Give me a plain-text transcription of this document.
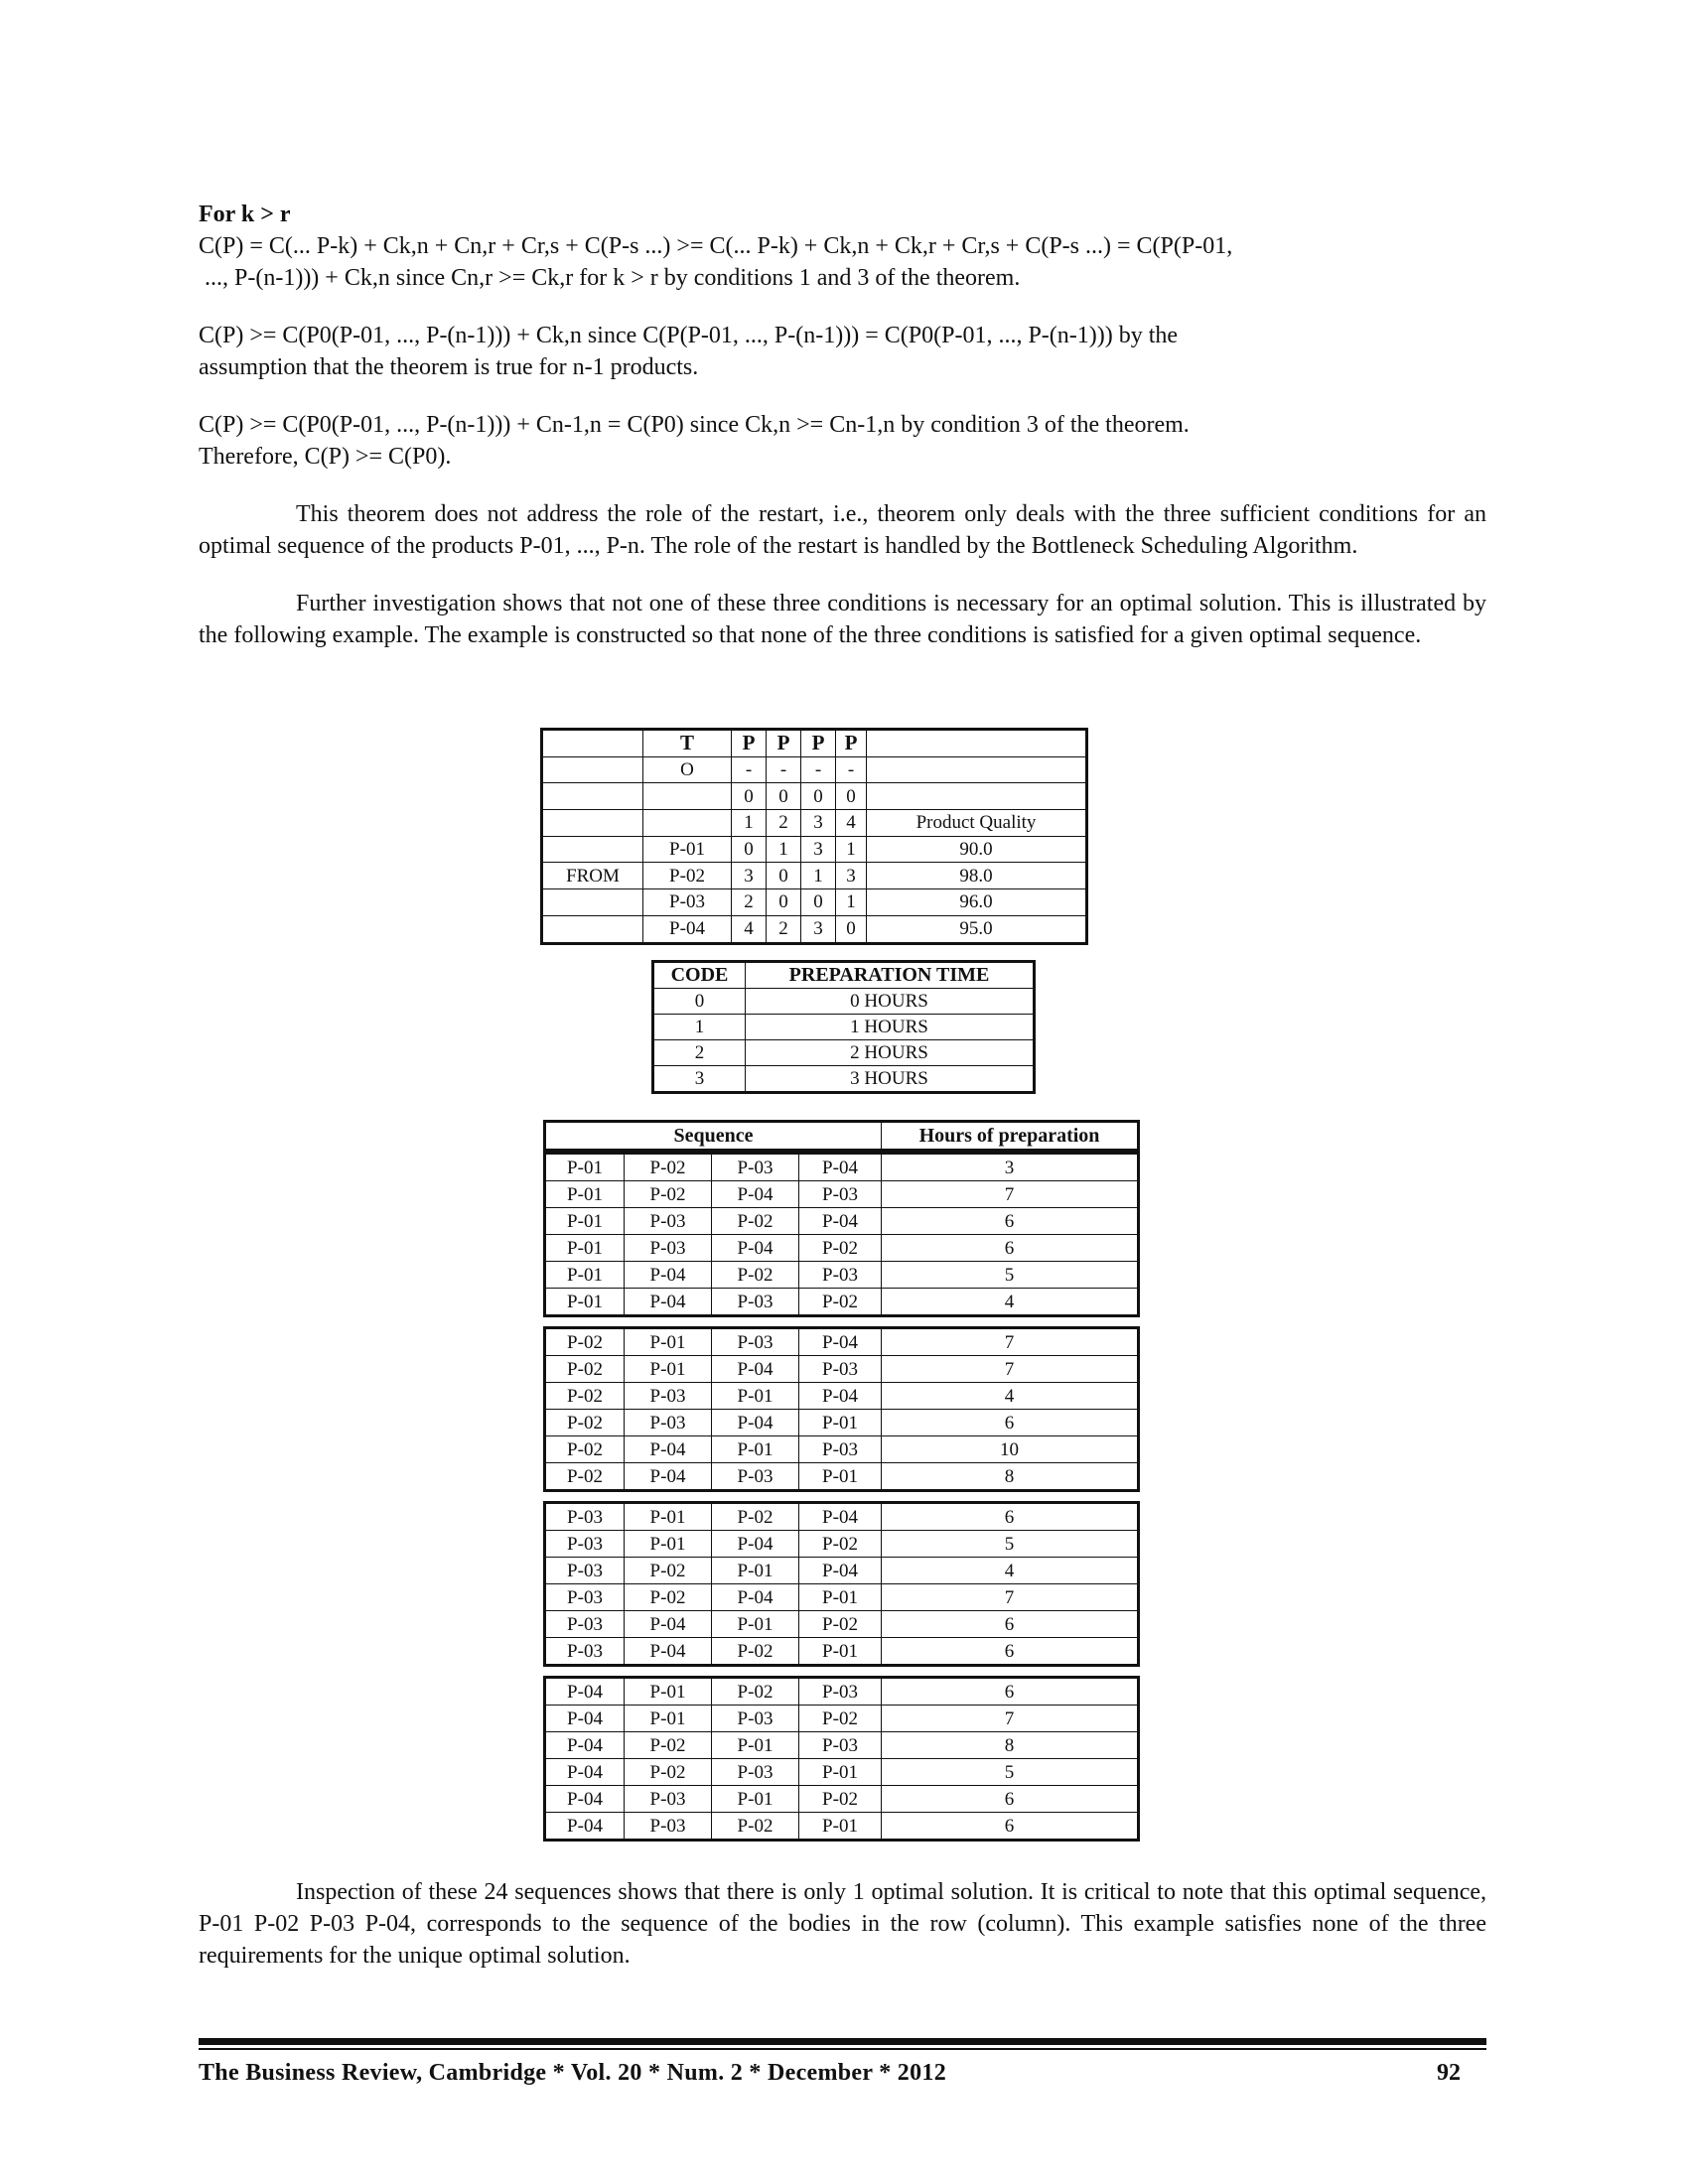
For k > r

C(P) = C(... P-k) + Ck,n + Cn,r + Cr,s + C(P-s ...) >= C(... P-k) + Ck,n + Ck,r + Cr,s + C(P-s ...) = C(P(P-01,
..., P-(n-1))) + Ck,n since Cn,r >= Ck,r for k > r by conditions 1 and 3 of the theorem.

C(P) >= C(P0(P-01, ..., P-(n-1))) + Ck,n since C(P(P-01, ..., P-(n-1))) = C(P0(P-01, ..., P-(n-1))) by the
assumption that the theorem is true for n-1 products.

C(P) >= C(P0(P-01, ..., P-(n-1))) + Cn-1,n = C(P0) since Ck,n >= Cn-1,n by condition 3 of the theorem.
Therefore, C(P) >= C(P0).

This theorem does not address the role of the restart, i.e., theorem only deals with the three sufficient conditions for an optimal sequence of the products P-01, ..., P-n. The role of the restart is handled by the Bottleneck Scheduling Algorithm.

Further investigation shows that not one of these three conditions is necessary for an optimal solution. This is illustrated by the following example. The example is constructed so that none of the three conditions is satisfied for a given optimal sequence.

	T	P	P	P	P	
	O	-	-	-	-	
		0	0	0	0	
		1	2	3	4	Product Quality
	P-01	0	1	3	1	90.0
FROM	P-02	3	0	1	3	98.0
	P-03	2	0	0	1	96.0
	P-04	4	2	3	0	95.0
CODE	PREPARATION TIME
0	0 HOURS
1	1 HOURS
2	2 HOURS
3	3 HOURS
Sequence	Hours of preparation
P-01	P-02	P-03	P-04	3
P-01	P-02	P-04	P-03	7
P-01	P-03	P-02	P-04	6
P-01	P-03	P-04	P-02	6
P-01	P-04	P-02	P-03	5
P-01	P-04	P-03	P-02	4
P-02	P-01	P-03	P-04	7
P-02	P-01	P-04	P-03	7
P-02	P-03	P-01	P-04	4
P-02	P-03	P-04	P-01	6
P-02	P-04	P-01	P-03	10
P-02	P-04	P-03	P-01	8
P-03	P-01	P-02	P-04	6
P-03	P-01	P-04	P-02	5
P-03	P-02	P-01	P-04	4
P-03	P-02	P-04	P-01	7
P-03	P-04	P-01	P-02	6
P-03	P-04	P-02	P-01	6
P-04	P-01	P-02	P-03	6
P-04	P-01	P-03	P-02	7
P-04	P-02	P-01	P-03	8
P-04	P-02	P-03	P-01	5
P-04	P-03	P-01	P-02	6
P-04	P-03	P-02	P-01	6

Inspection of these 24 sequences shows that there is only 1 optimal solution. It is critical to note that this optimal sequence, P-01 P-02 P-03 P-04, corresponds to the sequence of the bodies in the row (column). This example satisfies none of the three requirements for the unique optimal solution.

The Business Review, Cambridge * Vol. 20 * Num. 2 * December * 2012	92
